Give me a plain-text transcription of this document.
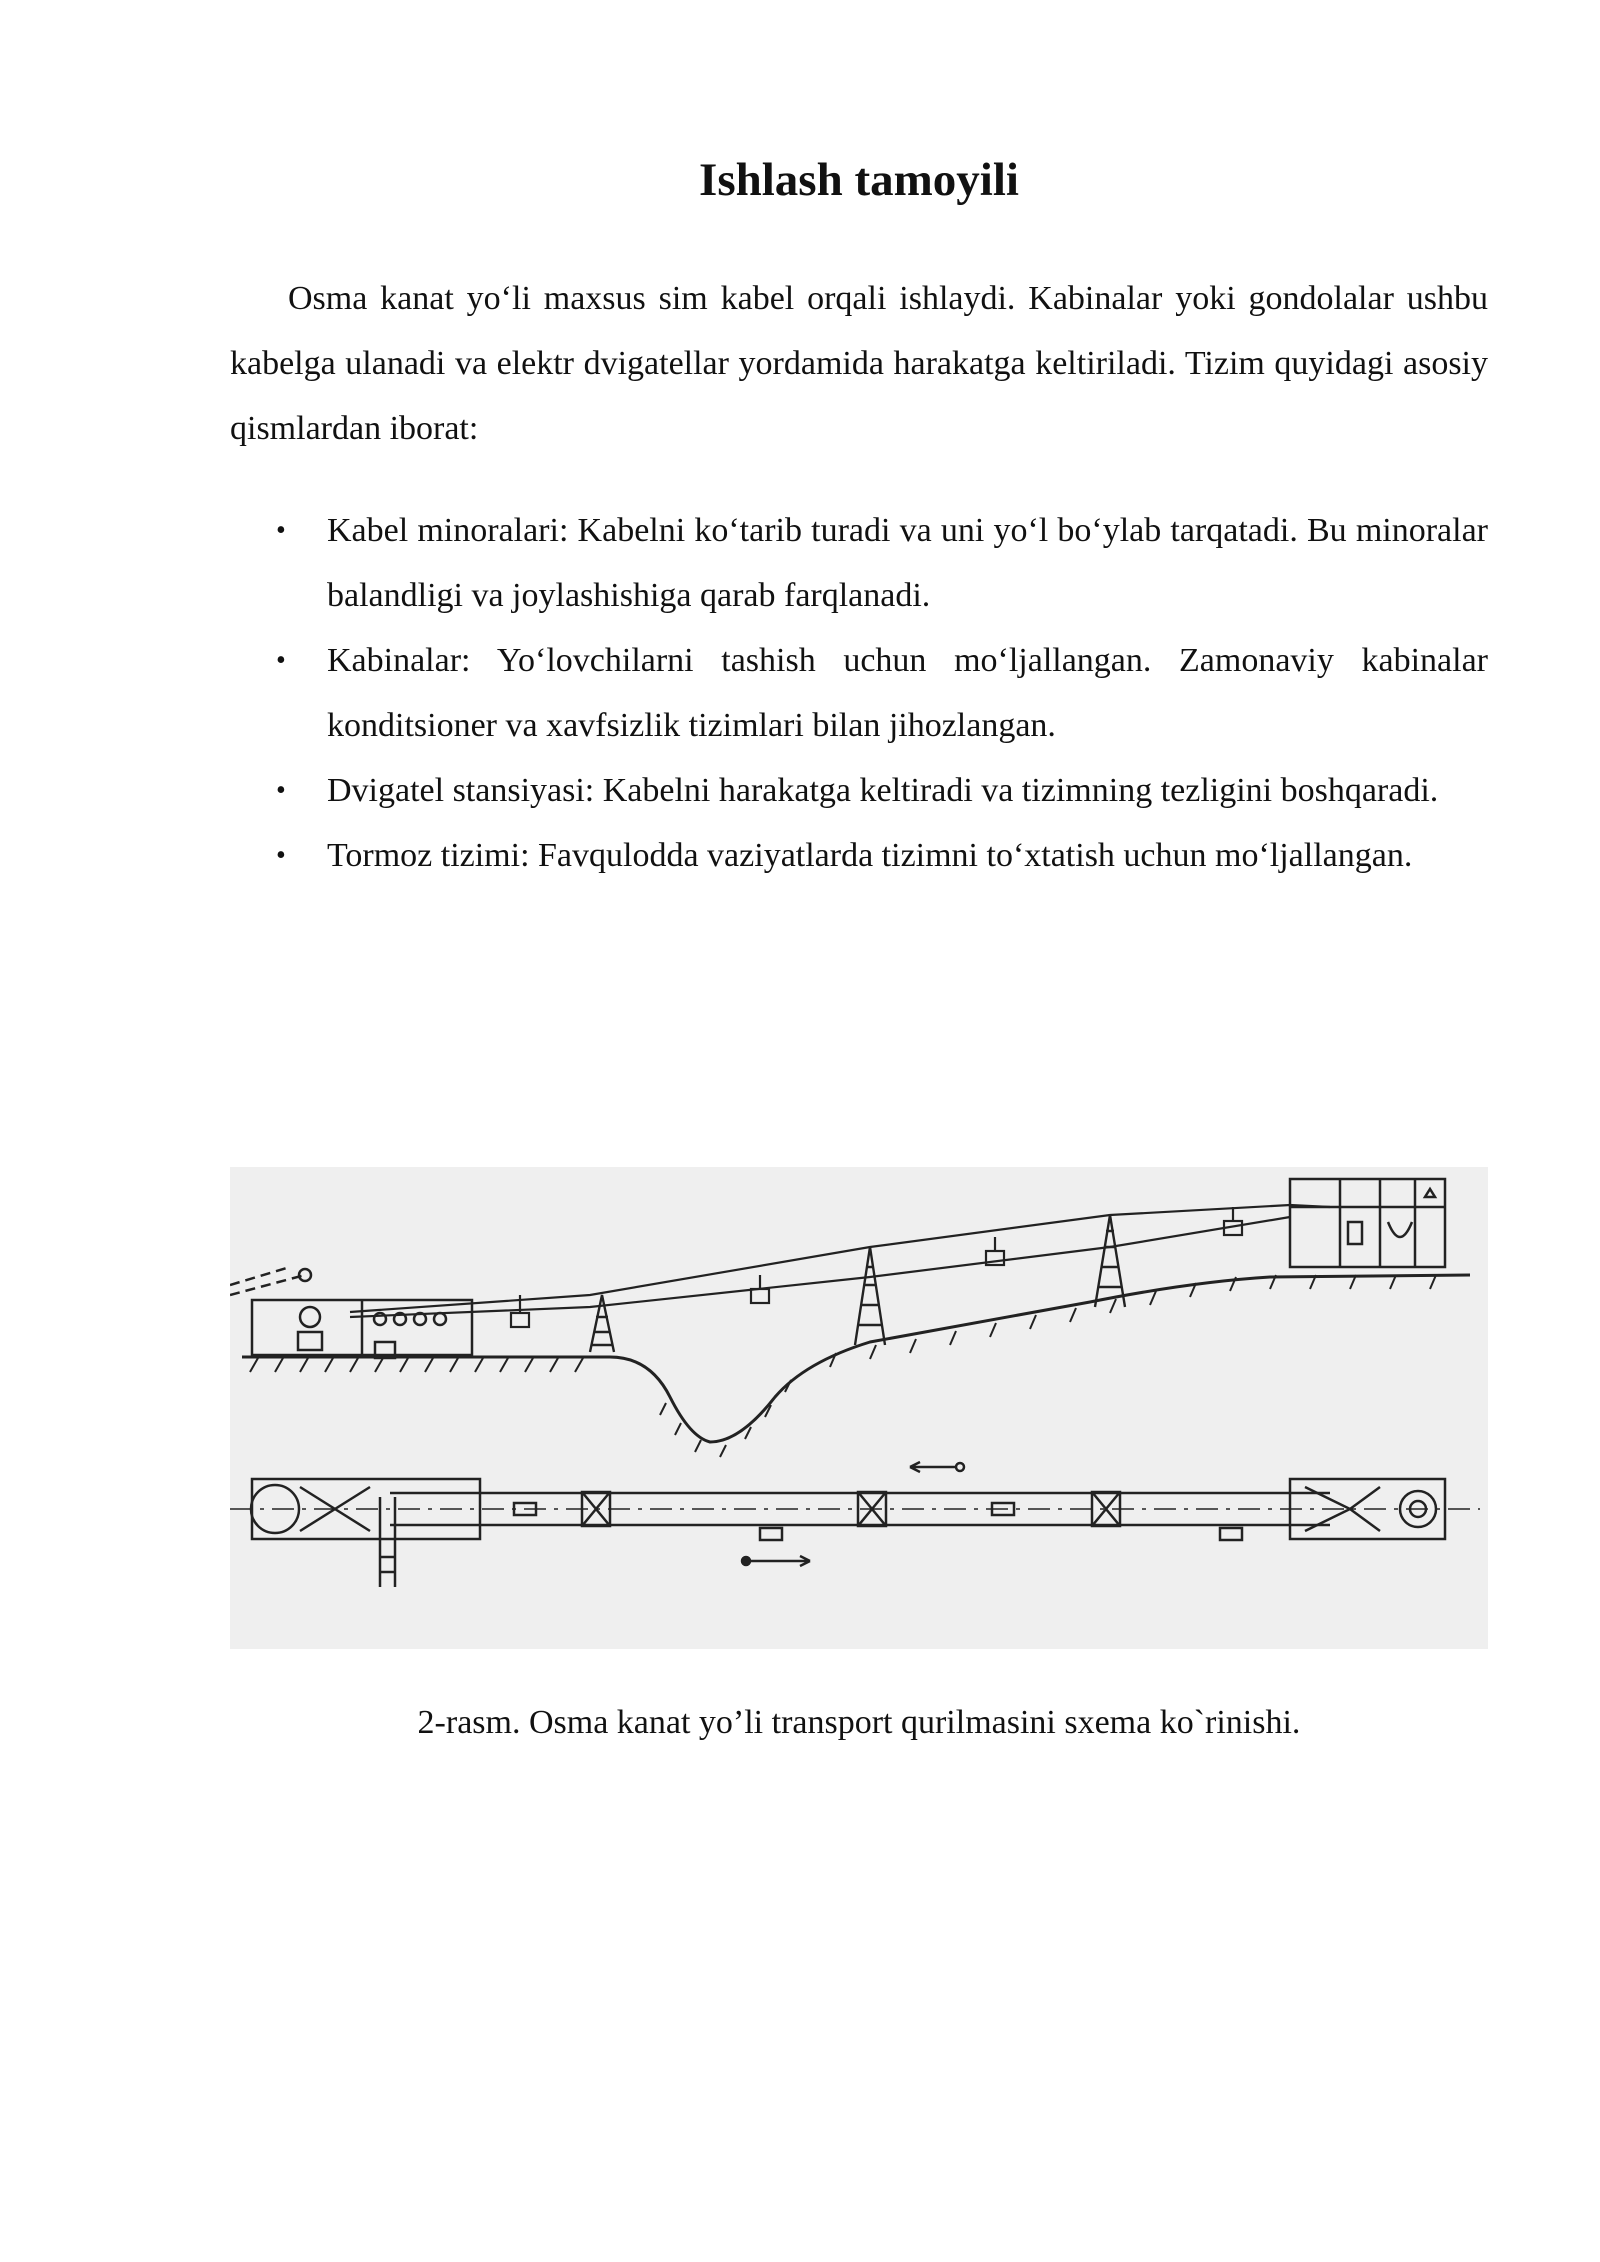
Ishlash tamoyili

Osma kanat yo‘li maxsus sim kabel orqali ishlaydi. Kabinalar yoki gondolalar ushbu kabelga ulanadi va elektr dvigatellar yordamida harakatga keltiriladi. Tizim quyidagi asosiy qismlardan iborat:

• Kabel minoralari: Kabelni ko‘tarib turadi va uni yo‘l bo‘ylab tarqatadi. Bu minoralar balandligi va joylashishiga qarab farqlanadi.
• Kabinalar: Yo‘lovchilarni tashish uchun mo‘ljallangan. Zamonaviy kabinalar konditsioner va xavfsizlik tizimlari bilan jihozlangan.
• Dvigatel stansiyasi: Kabelni harakatga keltiradi va tizimning tezligini boshqaradi.
• Tormoz tizimi: Favqulodda vaziyatlarda tizimni to‘xtatish uchun mo‘ljallangan.

2-rasm. Osma kanat yo’li transport qurilmasini sxema ko`rinishi.
